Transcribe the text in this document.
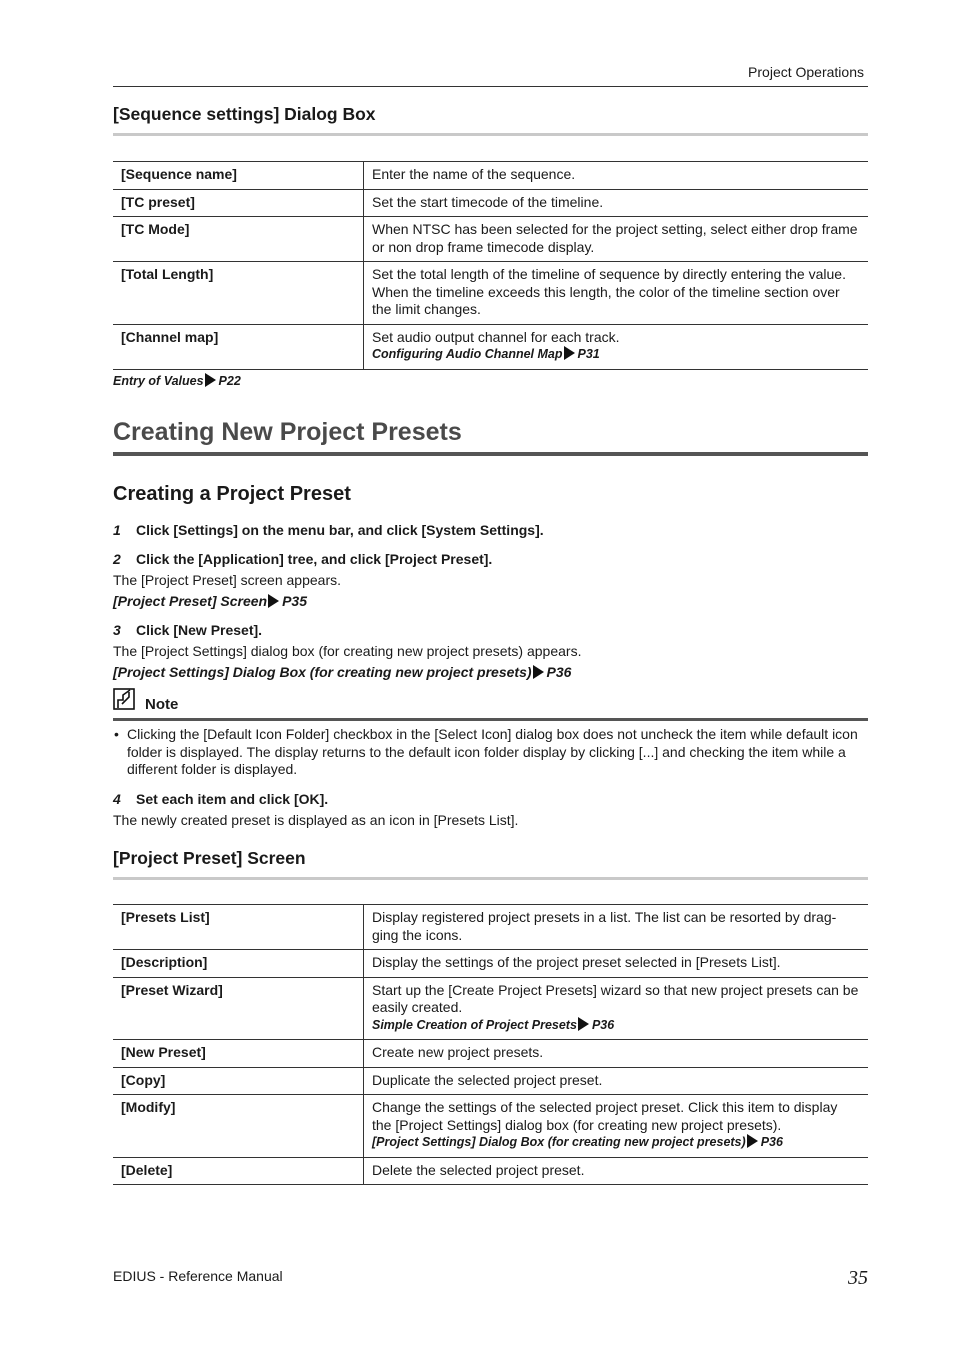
Project Operations
[Sequence settings] Dialog Box
[Sequence name]	Enter the name of the sequence.
[TC preset]	Set the start timecode of the timeline.
[TC Mode]	When NTSC has been selected for the project setting, select either drop frame or non drop frame timecode display.
[Total Length]	Set the total length of the timeline of sequence by directly entering the value. When the timeline exceeds this length, the color of the timeline section over the limit changes.
[Channel map]	Set audio output channel for each track.
Configuring Audio Channel Map P31
Entry of Values P22
Creating New Project Presets
Creating a Project Preset
1 Click [Settings] on the menu bar, and click [System Settings].
2 Click the [Application] tree, and click [Project Preset].
The [Project Preset] screen appears.
[Project Preset] Screen P35
3 Click [New Preset].
The [Project Settings] dialog box (for creating new project presets) appears.
[Project Settings] Dialog Box (for creating new project presets) P36
Note
• Clicking the [Default Icon Folder] checkbox in the [Select Icon] dialog box does not uncheck the item while default icon folder is displayed. The display returns to the default icon folder display by clicking [...] and checking the item while a different folder is displayed.
4 Set each item and click [OK].
The newly created preset is displayed as an icon in [Presets List].
[Project Preset] Screen
[Presets List]	Display registered project presets in a list. The list can be resorted by drag-ging the icons.
[Description]	Display the settings of the project preset selected in [Presets List].
[Preset Wizard]	Start up the [Create Project Presets] wizard so that new project presets can be easily created.
Simple Creation of Project Presets P36

[New Preset]	Create new project presets.
[Copy]	Duplicate the selected project preset.
[Modify]	Change the settings of the selected project preset. Click this item to display the [Project Settings] dialog box (for creating new project presets).
[Project Settings] Dialog Box (for creating new project presets) P36

[Delete]	Delete the selected project preset.
EDIUS - Reference Manual	35
